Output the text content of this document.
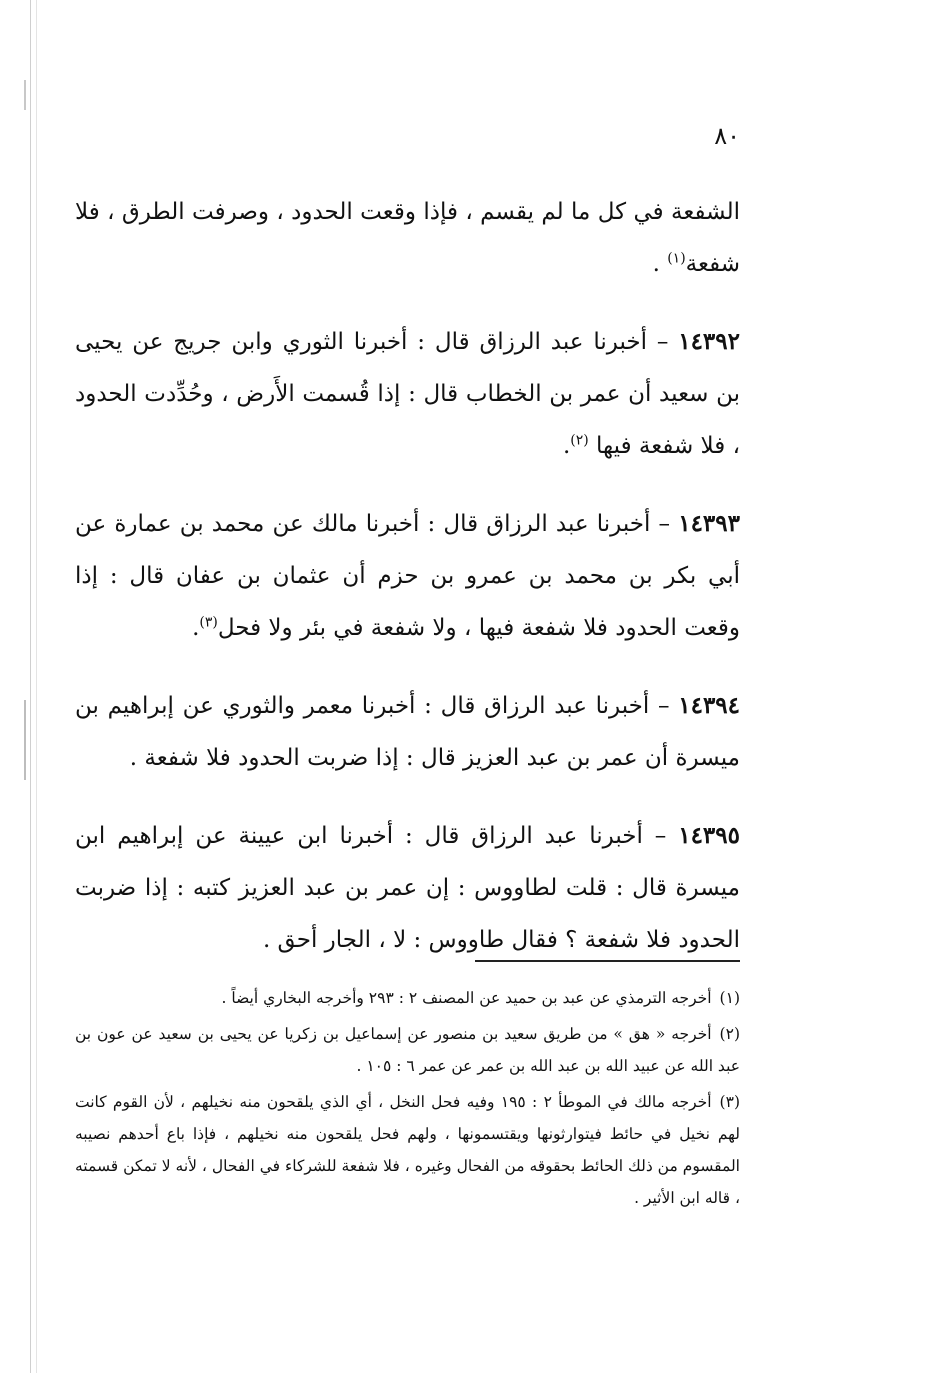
٨٠

الشفعة في كل ما لم يقسم ، فإذا وقعت الحدود ، وصرفت الطرق ، فلا شفعة$^{(١)}$ .

١٤٣٩٢ – أخبرنا عبد الرزاق قال : أخبرنا الثوري وابن جريج عن يحيى بن سعيد أن عمر بن الخطاب قال : إذا قُسمت الأَرض ، وحُدِّدت الحدود ، فلا شفعة فيها $^{(٢)}$.

١٤٣٩٣ – أخبرنا عبد الرزاق قال : أخبرنا مالك عن محمد بن عمارة عن أبي بكر بن محمد بن عمرو بن حزم أن عثمان بن عفان قال : إذا وقعت الحدود فلا شفعة فيها ، ولا شفعة في بئر ولا فحل$^{(٣)}$.

١٤٣٩٤ – أخبرنا عبد الرزاق قال : أخبرنا معمر والثوري عن إبراهيم بن ميسرة أن عمر بن عبد العزيز قال : إذا ضربت الحدود فلا شفعة .

١٤٣٩٥ – أخبرنا عبد الرزاق قال : أخبرنا ابن عيينة عن إبراهيم ابن ميسرة قال : قلت لطاووس : إن عمر بن عبد العزيز كتبه : إذا ضربت الحدود فلا شفعة ؟ فقال طاووس : لا ، الجار أحق .

(١)أخرجه الترمذي عن عبد بن حميد عن المصنف ٢ : ٢٩٣ وأخرجه البخاري أيضاً .

(٢)أخرجه « هق » من طريق سعيد بن منصور عن إسماعيل بن زكريا عن يحيى بن سعيد عن عون بن عبد الله عن عبيد الله بن عبد الله بن عمر عن عمر ٦ : ١٠٥ .

(٣)أخرجه مالك في الموطأ ٢ : ١٩٥ وفيه فحل النخل ، أي الذي يلقحون منه نخيلهم ، لأن القوم كانت لهم نخيل في حائط فيتوارثونها ويقتسمونها ، ولهم فحل يلقحون منه نخيلهم ، فإذا باع أحدهم نصيبه المقسوم من ذلك الحائط بحقوقه من الفحال وغيره ، فلا شفعة للشركاء في الفحال ، لأنه لا تمكن قسمته ، قاله ابن الأثير .
